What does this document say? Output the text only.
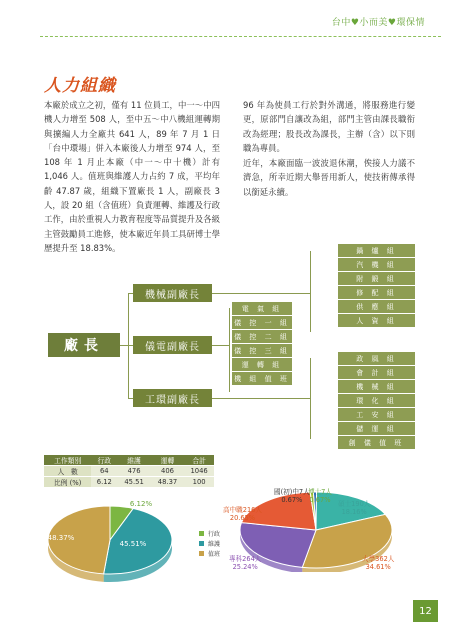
台中♥小而美♥環保情
人力組織
本廠於成立之初，僅有 11 位員工，中一～中四機人力增至 508 人，至中五～中八機組運轉期與擴編人力全廠共 641 人，89 年 7 月 1 日「台中環場」併入本廠後人力增至 974 人，至 108 年 1 月止本廠（中一～中十機）計有 1,046 人。值班與維護人力占約 7 成，平均年齡 47.87 歲，組織下置廠長 1 人，副廠長 3 人，設 20 組（含值班）負責運轉、維護及行政工作，由於重視人力教育程度等品質提升及各級主管鼓勵員工進修，使本廠近年員工具研博士學歷提升至 18.83%。
96 年為使員工行於對外溝通，將服務進行變更，原部門自讓改為組，部門主管由課長職衔改為經理；股長改為課長，主辦（含）以下則職為專員。
近年，本廠面臨一波波退休潮，俟接人力議不濟急，所幸近期大舉晉用新人，使技術傳承得以銜延永續。
廠長
機械副廠長
儀電副廠長
工環副廠長
電 氣 組
儀 控 一 組
儀 控 二 組
儀 控 三 組
運 轉 組
機 組 值 班
鍋 爐 組
汽 機 組
附 鍛 組
修 配 組
供 應 組
人 資 組
政 風 組
會 計 組
機 械 組
環 化 組
工 安 組
儲 運 組
創 儀 值 班
工作類別	行政	維護	運轉	合計
人　數	64	476	406	1046
比例 (%)	6.12	45.51	48.37	100
6.12%
45.51%
48.37%	行政
維護
值班
博士7人
0.67% 碩士190人
18.16%
大學362人
34.61%
專科264人
25.24%
高中職216人
20.65%
國(初)中7人
0.67%
12
